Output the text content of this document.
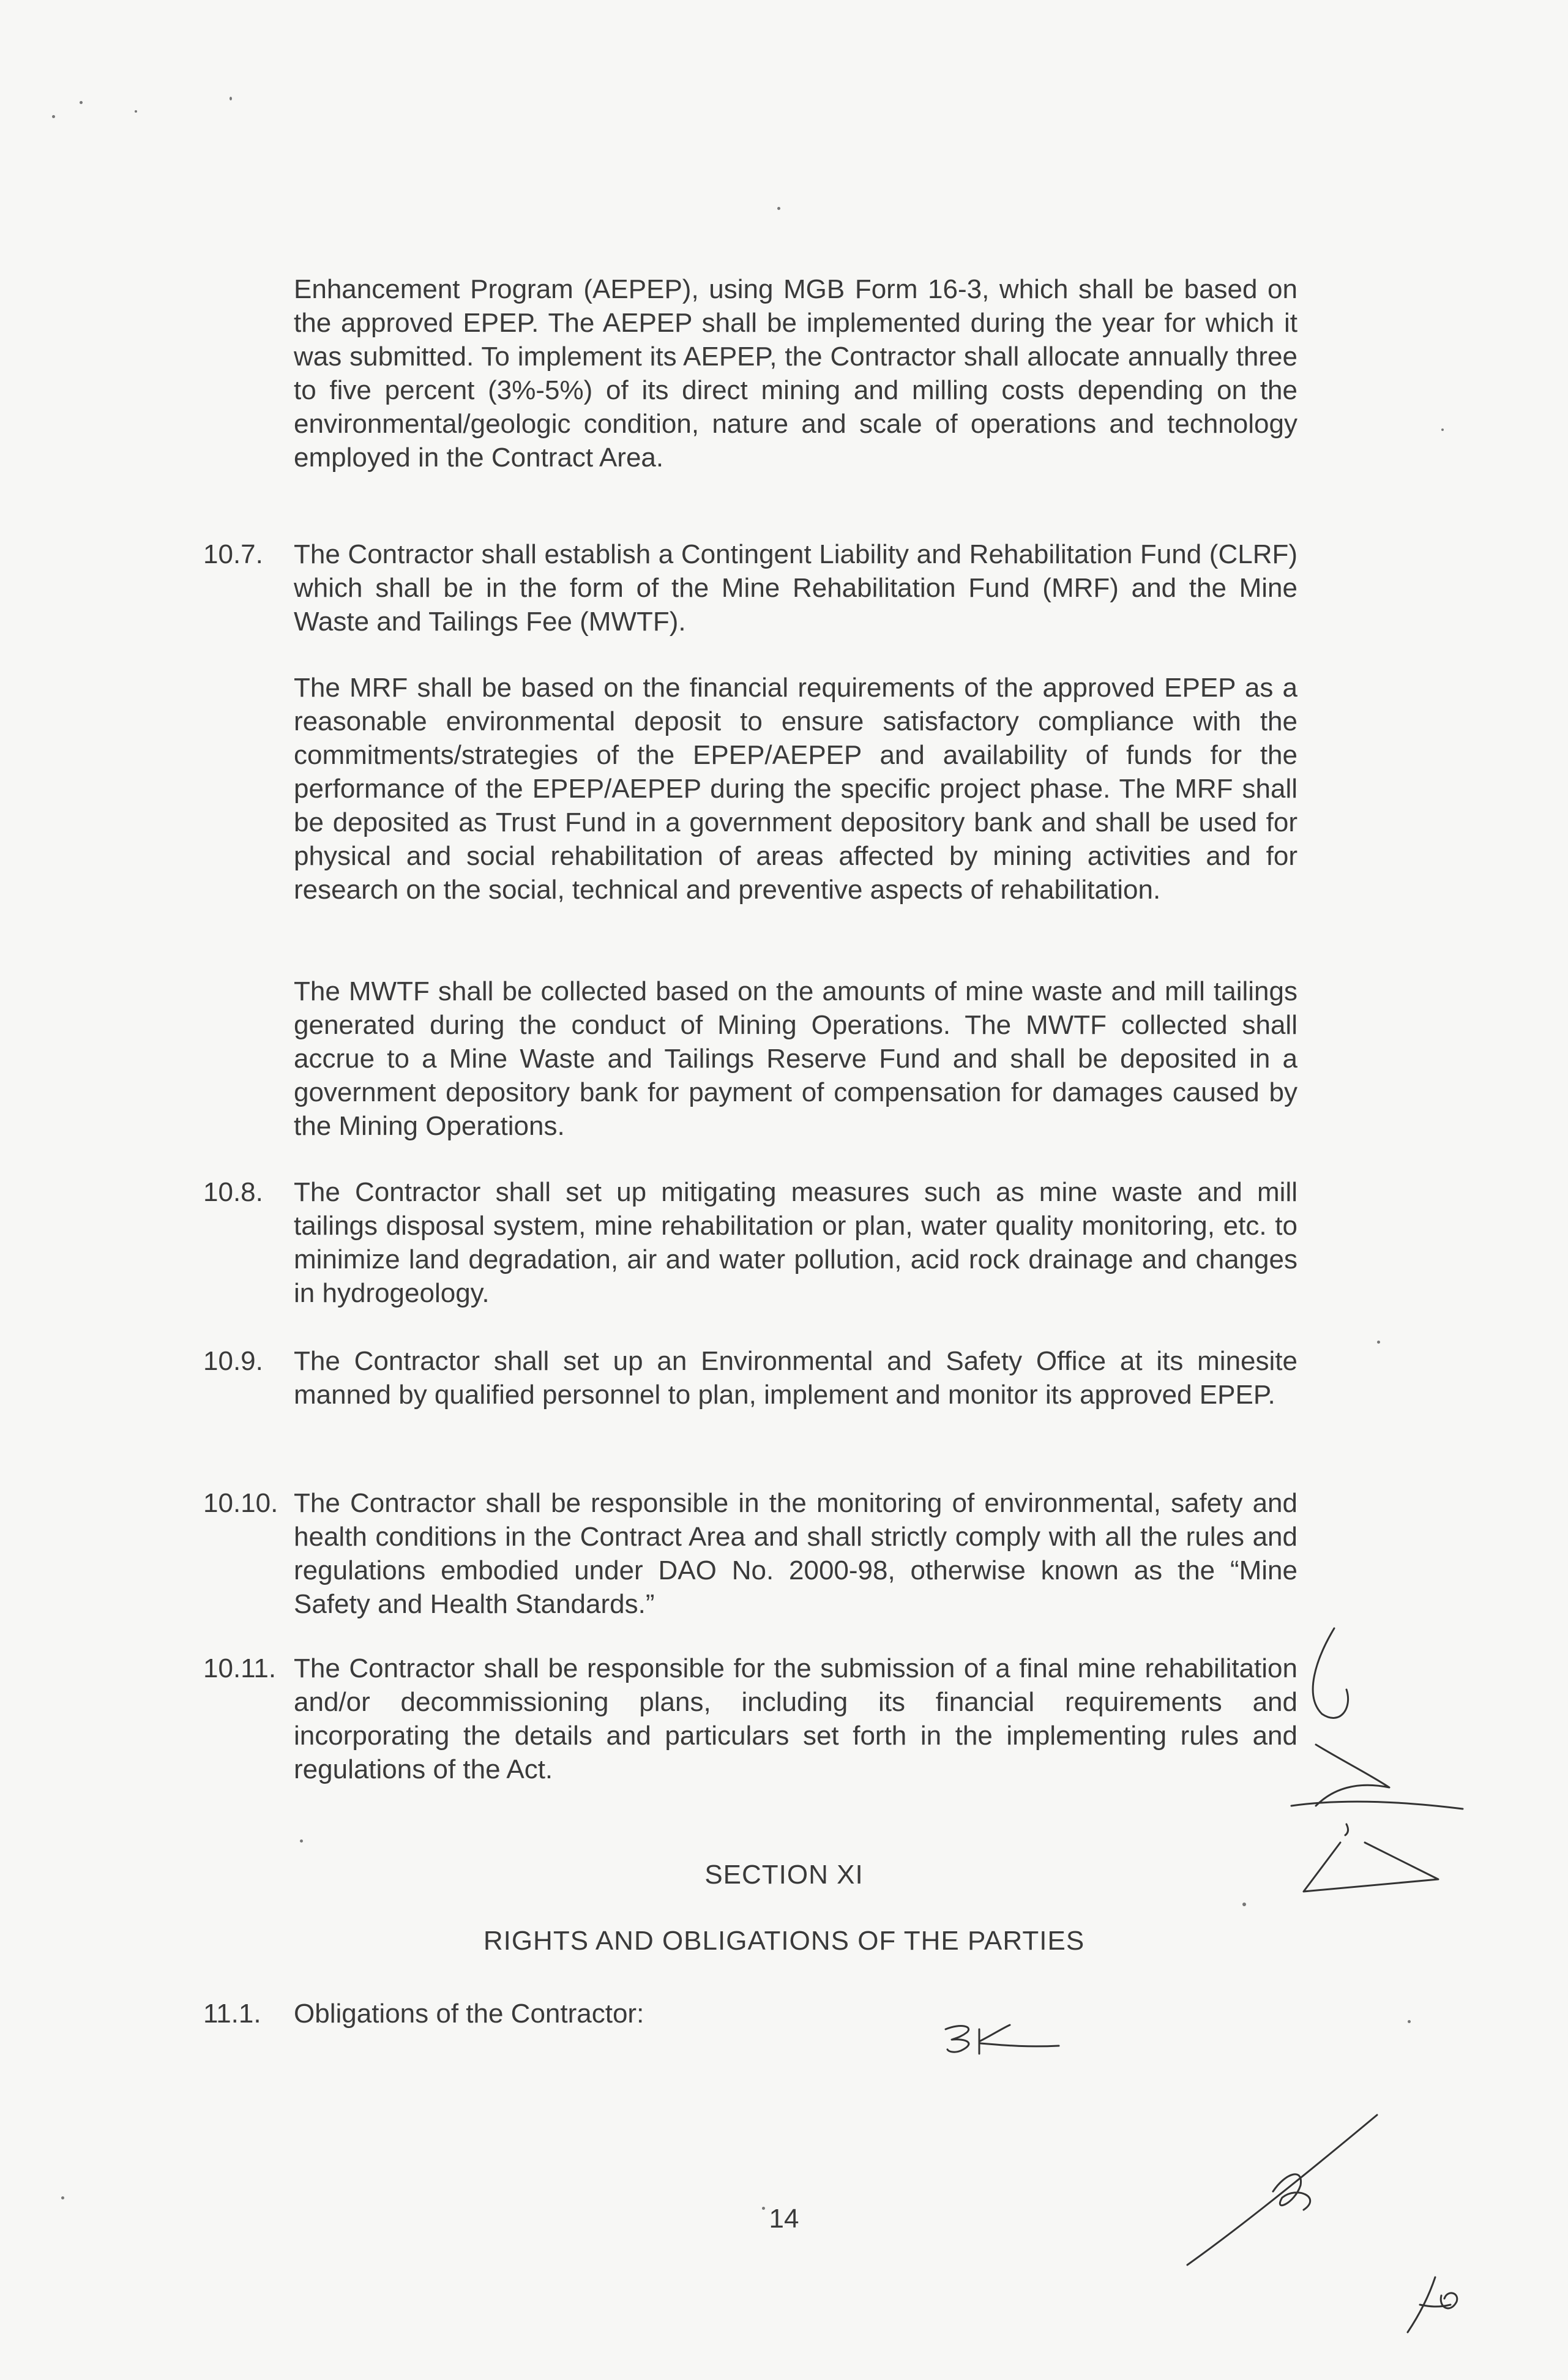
Enhancement Program (AEPEP), using MGB Form 16-3, which shall be based on the approved EPEP. The AEPEP shall be implemented during the year for which it was submitted. To implement its AEPEP, the Contractor shall allocate annually three to five percent (3%-5%) of its direct mining and milling costs depending on the environmental/geologic condition, nature and scale of operations and technology employed in the Contract Area.

10.7. The Contractor shall establish a Contingent Liability and Rehabilitation Fund (CLRF) which shall be in the form of the Mine Rehabilitation Fund (MRF) and the Mine Waste and Tailings Fee (MWTF).

The MRF shall be based on the financial requirements of the approved EPEP as a reasonable environmental deposit to ensure satisfactory compliance with the commitments/strategies of the EPEP/AEPEP and availability of funds for the performance of the EPEP/AEPEP during the specific project phase. The MRF shall be deposited as Trust Fund in a government depository bank and shall be used for physical and social rehabilitation of areas affected by mining activities and for research on the social, technical and preventive aspects of rehabilitation.

The MWTF shall be collected based on the amounts of mine waste and mill tailings generated during the conduct of Mining Operations. The MWTF collected shall accrue to a Mine Waste and Tailings Reserve Fund and shall be deposited in a government depository bank for payment of compensation for damages caused by the Mining Operations.

10.8. The Contractor shall set up mitigating measures such as mine waste and mill tailings disposal system, mine rehabilitation or plan, water quality monitoring, etc. to minimize land degradation, air and water pollution, acid rock drainage and changes in hydrogeology.

10.9. The Contractor shall set up an Environmental and Safety Office at its minesite manned by qualified personnel to plan, implement and monitor its approved EPEP.

10.10. The Contractor shall be responsible in the monitoring of environmental, safety and health conditions in the Contract Area and shall strictly comply with all the rules and regulations embodied under DAO No. 2000-98, otherwise known as the “Mine Safety and Health Standards.”

10.11. The Contractor shall be responsible for the submission of a final mine rehabilitation and/or decommissioning plans, including its financial requirements and incorporating the details and particulars set forth in the implementing rules and regulations of the Act.

SECTION XI
RIGHTS AND OBLIGATIONS OF THE PARTIES
11.1. Obligations of the Contractor:
14
